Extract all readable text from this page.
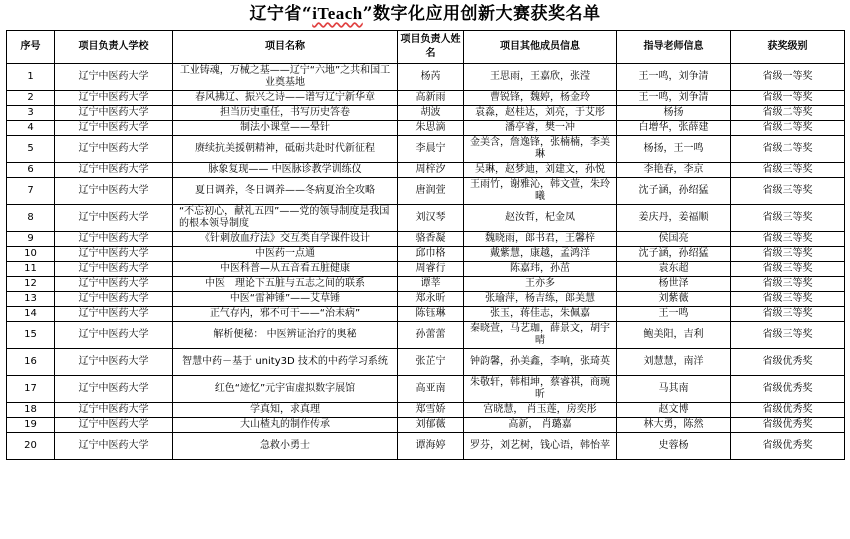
辽宁省“iTeach”数字化应用创新大赛获奖名单
序号	项目负责人学校	项目名称	项目负责人姓名	项目其他成员信息	指导老师信息	获奖级别
1	辽宁中医药大学	工业铸魂，万械之基——辽宁“六地”之共和国工业奠基地	杨芮	王思雨，王嘉欣，张滢	王一鸣，刘争清	省级一等奖
2	辽宁中医药大学	春风拂辽、振兴之诗——谱写辽宁新华章	高新雨	曹锐锋，魏婷，杨金玲	王一鸣，刘争清	省级一等奖
3	辽宁中医药大学	担当历史重任，书写历史答卷	胡波	袁淼，赵桂达，刘亮，于艾彤	杨扬	省级二等奖
4	辽宁中医药大学	制法小课堂——晕针	朱思滴	潘亭睿，樊一冲	白增华，张薛建	省级二等奖
5	辽宁中医药大学	赓续抗美援朝精神，砥砺共赴时代新征程	李晨宁	金美含，詹逸锋，张楠楠，李美琳	杨扬，王一鸣	省级二等奖
6	辽宁中医药大学	脉象复现—— 中医脉诊教学训练仪	周梓汐	吴琳，赵梦迪，刘建文，孙悦	李艳春，李京	省级三等奖
7	辽宁中医药大学	夏日调养，冬日调养——冬病夏治全攻略	唐润萱	王雨竹，谢雅沁，韩文萱，朱玲曦	沈子涵，孙绍猛	省级三等奖
8	辽宁中医药大学	“不忘初心，献礼五四”——党的领导制度是我国的根本领导制度	刘汉琴	赵汝哲，杞金凤	姜庆丹，姜福顺	省级三等奖
9	辽宁中医药大学	《针刺放血疗法》交互类自学课件设计	骆香凝	魏晓雨，郎书君，王馨梓	侯国亮	省级三等奖
10	辽宁中医药大学	中医药一点通	邱巾格	戴紫慧，康越，孟鸿洋	沈子涵，孙绍猛	省级三等奖
11	辽宁中医药大学	中医科普—从五音看五脏健康	周睿行	陈嘉玮，孙茁	袁东超	省级三等奖
12	辽宁中医药大学	中医　理论下五脏与五志之间的联系	谭莘	王亦多	杨世泽	省级三等奖
13	辽宁中医药大学	中医“雷神锤”——艾草锤	郑永昕	张瑜萍，杨吉练，郎美慧	刘紫薇	省级三等奖
14	辽宁中医药大学	正气存内，邪不可干——“治未病”	陈钰琳	张玉，蒋佳志，朱佩嘉	王一鸣	省级三等奖
15	辽宁中医药大学	解析便秘： 中医辨证治疗的奥秘	孙蕾蕾	秦晓萱，马艺珈，薛景文，胡宇晴	鲍美阳，吉利	省级三等奖
16	辽宁中医药大学	智慧中药－基于 unity3D 技术的中药学习系统	张芷宁	钟韵馨，孙美鑫，李响，张琦英	刘慧慧，南洋	省级优秀奖
17	辽宁中医药大学	红色“迹忆”元宇宙虚拟数字展馆	高亚南	朱敬轩，韩相坤，蔡睿祺，商琬昕	马其南	省级优秀奖
18	辽宁中医药大学	学真知，求真理	郑雪娇	宫晓慧， 肖玉莲，房奕彤	赵文博	省级优秀奖
19	辽宁中医药大学	大山楂丸的制作传承	刘郁薇	高新， 肖璐嘉	林大勇，陈然	省级优秀奖
20	辽宁中医药大学	急救小勇士	谭海婷	罗芬，刘艺树，钱心语，韩怡苹	史蓉杨	省级优秀奖
